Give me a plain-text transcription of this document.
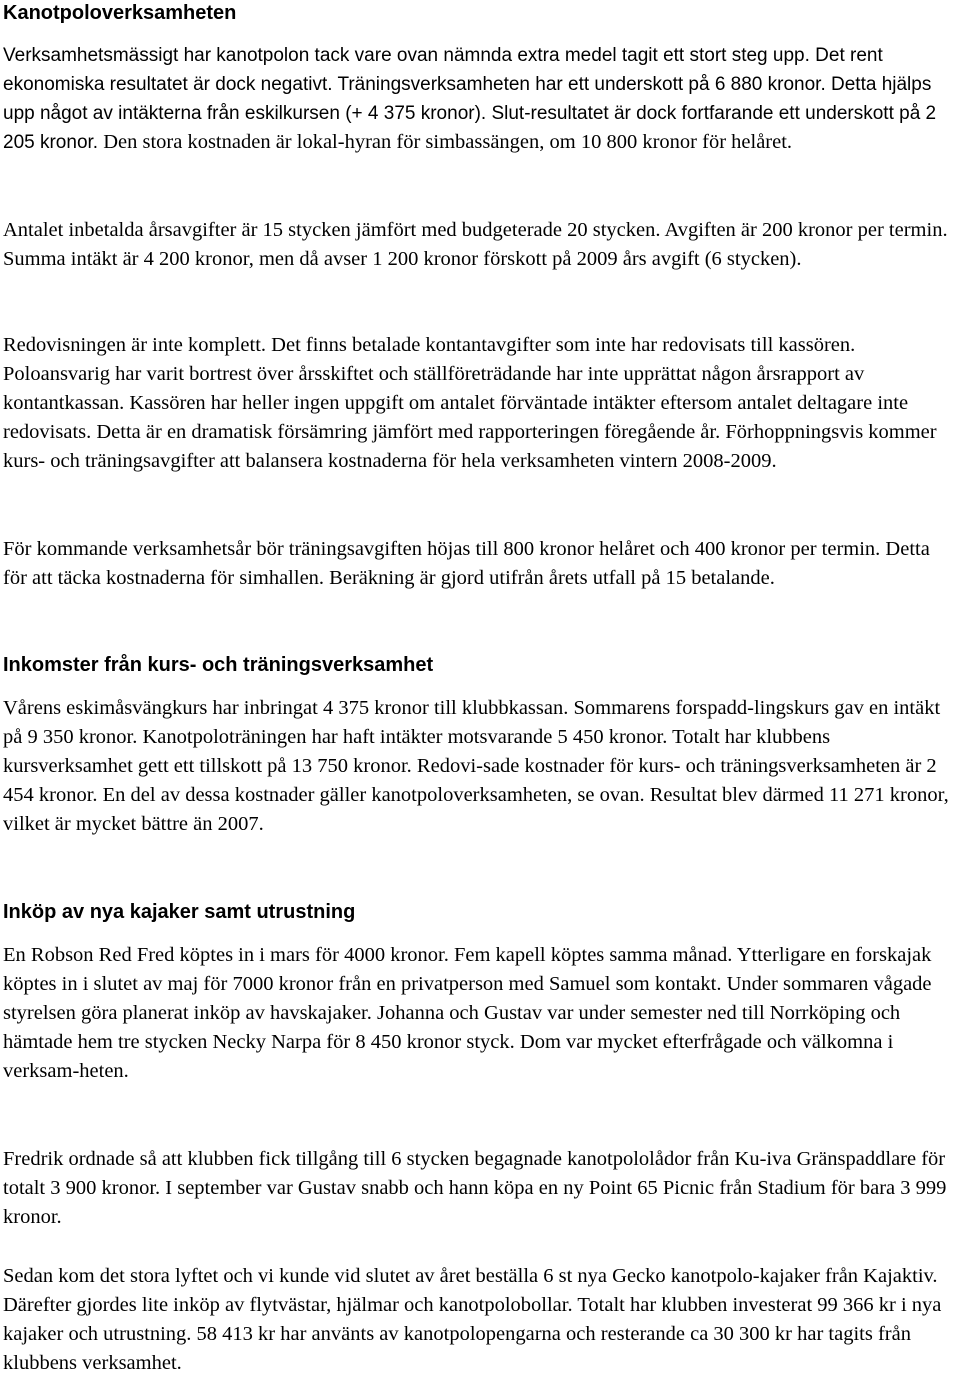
Kanotpoloverksamheten

Verksamhetsmässigt har kanotpolon tack vare ovan nämnda extra medel tagit ett stort steg upp. Det rent ekonomiska resultatet är dock negativt. Träningsverksamheten har ett underskott på 6 880 kronor. Detta hjälps upp något av intäkterna från eskilkursen (+ 4 375 kronor). Slut-resultatet är dock fortfarande ett underskott på 2 205 kronor. Den stora kostnaden är lokal-hyran för simbassängen, om 10 800 kronor för helåret.

Antalet inbetalda årsavgifter är 15 stycken jämfört med budgeterade 20 stycken. Avgiften är 200 kronor per termin. Summa intäkt är 4 200 kronor, men då avser 1 200 kronor förskott på 2009 års avgift (6 stycken).

Redovisningen är inte komplett. Det finns betalade kontantavgifter som inte har redovisats till kassören. Poloansvarig har varit bortrest över årsskiftet och ställföreträdande har inte upprättat någon årsrapport av kontantkassan. Kassören har heller ingen uppgift om antalet förväntade intäkter eftersom antalet deltagare inte redovisats. Detta är en dramatisk försämring jämfört med rapporteringen föregående år. Förhoppningsvis kommer kurs- och träningsavgifter att balansera kostnaderna för hela verksamheten vintern 2008-2009.

För kommande verksamhetsår bör träningsavgiften höjas till 800 kronor helåret och 400 kronor per termin. Detta för att täcka kostnaderna för simhallen. Beräkning är gjord utifrån årets utfall på 15 betalande.

Inkomster från kurs- och träningsverksamhet

Vårens eskimåsvängkurs har inbringat 4 375 kronor till klubbkassan. Sommarens forspadd-lingskurs gav en intäkt på 9 350 kronor. Kanotpoloträningen har haft intäkter motsvarande 5 450 kronor. Totalt har klubbens kursverksamhet gett ett tillskott på 13 750 kronor. Redovi-sade kostnader för kurs- och träningsverksamheten är 2 454 kronor. En del av dessa kostnader gäller kanotpoloverksamheten, se ovan. Resultat blev därmed 11 271 kronor, vilket är mycket bättre än 2007.

Inköp av nya kajaker samt utrustning

En Robson Red Fred köptes in i mars för 4000 kronor. Fem kapell köptes samma månad. Ytterligare en forskajak köptes in i slutet av maj för 7000 kronor från en privatperson med Samuel som kontakt. Under sommaren vågade styrelsen göra planerat inköp av havskajaker. Johanna och Gustav var under semester ned till Norrköping och hämtade hem tre stycken Necky Narpa för 8 450 kronor styck. Dom var mycket efterfrågade och välkomna i verksam-heten.

Fredrik ordnade så att klubben fick tillgång till 6 stycken begagnade kanotpololådor från Ku-iva Gränspaddlare för totalt 3 900 kronor. I september var Gustav snabb och hann köpa en ny Point 65 Picnic från Stadium för bara 3 999 kronor.

Sedan kom det stora lyftet och vi kunde vid slutet av året beställa 6 st nya Gecko kanotpolo-kajaker från Kajaktiv. Därefter gjordes lite inköp av flytvästar, hjälmar och kanotpolobollar. Totalt har klubben investerat 99 366 kr i nya kajaker och utrustning. 58 413 kr har använts av kanotpolopengarna och resterande ca 30 300 kr har tagits från klubbens verksamhet.
